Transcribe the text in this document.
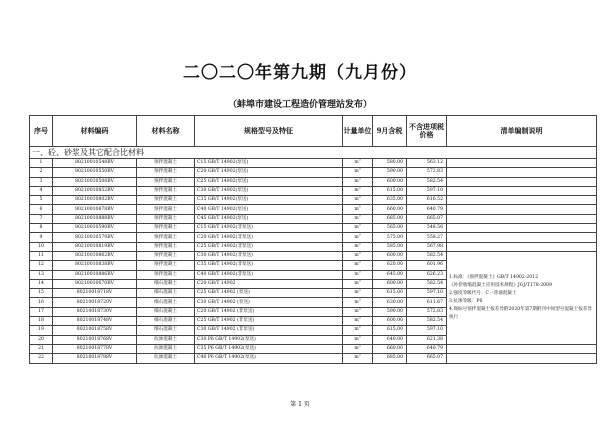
二〇二〇年第九期（九月份）
（蚌埠市建设工程造价管理站发布）
序号	材料编码	材料名称	规格型号及特征	计量单位	9月含税	不含进项税价格	清单编制说明
一、砼、砂浆及其它配合比材料							
1	80210010548BV	预拌混凝土	C15 GB/T 14902(泵送)	$m^3$	580.00	563.12	
2	80210010550BV	预拌混凝土	C20 GB/T 14902(泵送)	$m^3$	590.00	572.83	
3	80210010508BV	预拌混凝土	C25 GB/T 14902(泵送)	$m^3$	600.00	582.54	
4	80210010852BV	预拌混凝土	C30 GB/T 14902(泵送)	$m^3$	615.00	597.10	
5	80210010802BV	预拌混凝土	C35 GB/T 14902(泵送)	$m^3$	635.00	616.52	
6	80210010878BV	预拌混凝土	C40 GB/T 14902(泵送)	$m^3$	660.00	640.79	
7	80210010888BV	预拌混凝土	C45 GB/T 14902(泵送)	$m^3$	685.00	665.07	
8	80210010590BV	预拌混凝土	C15 GB/T 14902(非泵送)	$m^3$	565.00	548.56	
9	80210010579BV	预拌混凝土	C20 GB/T 14902(非泵送)	$m^3$	575.00	558.27	
10	80210010819BV	预拌混凝土	C25 GB/T 14902(非泵送)	$m^3$	585.00	567.98	
11	80210010862BV	预拌混凝土	C30 GB/T 14902(非泵送)	$m^3$	600.00	582.54	1.标准：《预拌混凝土》GB/T 14902-2012
《补偿收缩混凝土应用技术规程》JGJ/T178-2009
2.强度等级代号：C一普通混凝土
3.抗渗等级：P6
4.商标号预拌混凝土按差异附2020年第7期附刊中同型号混凝土按差异执行

12	80210010838BV	预拌混凝土	C35 GB/T 14902(非泵送)	$m^3$	620.00	601.96	
13	80210010886BV	预拌混凝土	C40 GB/T 14902(非泵送)	$m^3$	645.00	626.23	
14	80210010670BV	细石混凝土	C20 GB/T 14902	$m^3$	600.00	582.54	
15	80210018718V	细石混凝土	C25 GB/T 14902 (泵送)	$m^3$	615.00	597.10	
16	80210018720V	细石混凝土	C30 GB/T 14902 (泵送)	$m^3$	630.00	611.67	
17	80210018730V	细石混凝土	C20 GB/T 14902 (非泵送)	$m^3$	590.00	572.83	
18	80210018748V	细石混凝土	C25 GB/T 14902 (非泵送)	$m^3$	600.00	582.54	
19	80210018758V	细石混凝土	C30 GB/T 14902 (非泵送)	$m^3$	615.00	597.10	
20	80210018768V	抗渗混凝土	C30 P6 GB/T 14902(泵送)	$m^3$	640.00	621.38	
21	80210018778V	抗渗混凝土	C35 P6 GB/T 14902(泵送)	$m^3$	660.00	640.79	
22	80210018788V	抗渗混凝土	C40 P6 GB/T 14902(泵送)	$m^3$	685.00	665.07	
第 1 页
